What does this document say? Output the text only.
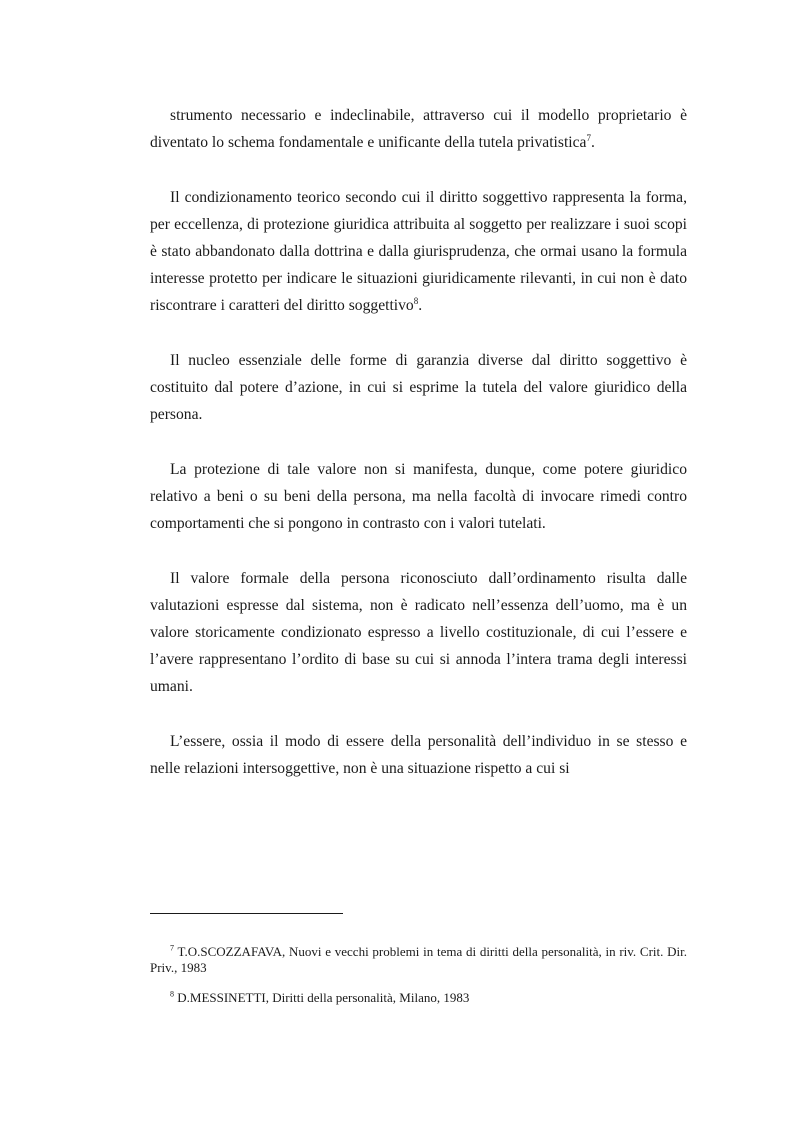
strumento necessario e indeclinabile, attraverso cui il modello proprietario è diventato lo schema fondamentale e unificante della tutela privatistica$^7$.

Il condizionamento teorico secondo cui il diritto soggettivo rappresenta la forma, per eccellenza, di protezione giuridica attribuita al soggetto per realizzare i suoi scopi è stato abbandonato dalla dottrina e dalla giurisprudenza, che ormai usano la formula interesse protetto per indicare le situazioni giuridicamente rilevanti, in cui non è dato riscontrare i caratteri del diritto soggettivo$^8$.

Il nucleo essenziale delle forme di garanzia diverse dal diritto soggettivo è costituito dal potere d’azione, in cui si esprime la tutela del valore giuridico della persona.

La protezione di tale valore non si manifesta, dunque, come potere giuridico relativo a beni o su beni della persona, ma nella facoltà di invocare rimedi contro comportamenti che si pongono in contrasto con i valori tutelati.

Il valore formale della persona riconosciuto dall’ordinamento risulta dalle valutazioni espresse dal sistema, non è radicato nell’essenza dell’uomo, ma è un valore storicamente condizionato espresso a livello costituzionale, di cui l’essere e l’avere rappresentano l’ordito di base su cui si annoda l’intera trama degli interessi umani.

L’essere, ossia il modo di essere della personalità dell’individuo in se stesso e nelle relazioni intersoggettive, non è una situazione rispetto a cui si

$^7$ T.O.SCOZZAFAVA, Nuovi e vecchi problemi in tema di diritti della personalità, in riv. Crit. Dir. Priv., 1983

$^8$ D.MESSINETTI, Diritti della personalità, Milano, 1983
